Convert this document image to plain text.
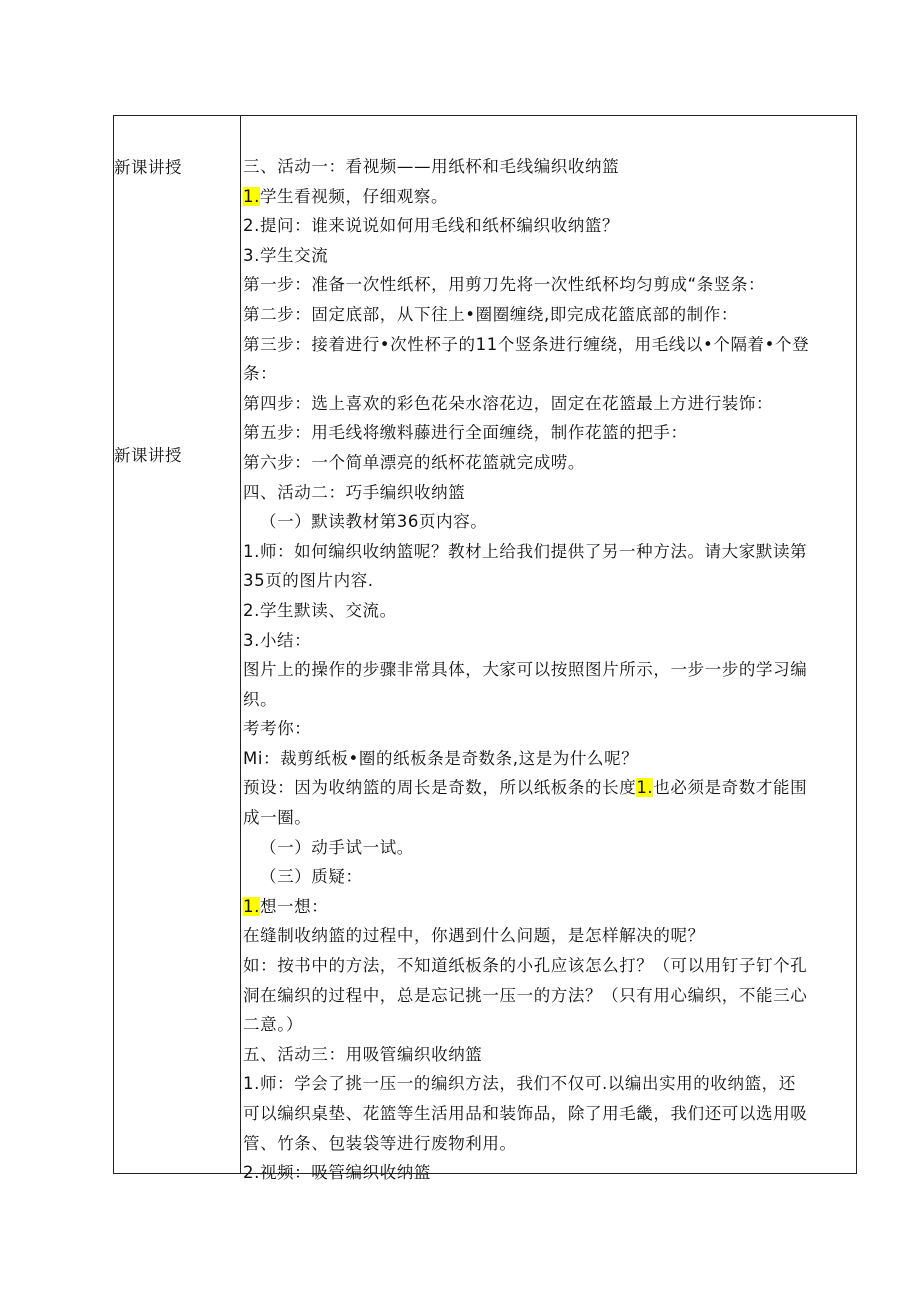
新课讲授
新课讲授
三、活动一：看视频——用纸杯和毛线编织收纳篮
1.学生看视频，仔细观察。
2.提问：谁来说说如何用毛线和纸杯编织收纳篮？
3.学生交流
第一步：准备一次性纸杯，用剪刀先将一次性纸杯均匀剪成“条竖条：
第二步：固定底部，从下往上•圈圈缠绕,即完成花篮底部的制作：
第三步：接着进行•次性杯子的11个竖条进行缠绕，用毛线以•个隔着•个登
条：
第四步：选上喜欢的彩色花朵水溶花边，固定在花篮最上方进行装饰：
第五步：用毛线将缴料藤进行全面缠绕，制作花篮的把手：
第六步：一个简单漂亮的纸杯花篮就完成唠。
四、活动二：巧手编织收纳篮
（一）默读教材第36页内容。
1.师：如何编织收纳篮呢？教材上给我们提供了另一种方法。请大家默读第
35页的图片内容.
2.学生默读、交流。
3.小结：
图片上的操作的步骤非常具体，大家可以按照图片所示，一步一步的学习编
织。
考考你：
Mi：裁剪纸板•圈的纸板条是奇数条,这是为什么呢？
预设：因为收纳篮的周长是奇数，所以纸板条的长度1.也必须是奇数才能围
成一圈。
（一）动手试一试。
（三）质疑：
1.想一想：
在缝制收纳篮的过程中，你遇到什么问题，是怎样解决的呢？
如：按书中的方法，不知道纸板条的小孔应该怎么打？（可以用钉子钉个孔
洞在编织的过程中，总是忘记挑一压一的方法？（只有用心编织，不能三心
二意。）
五、活动三：用吸管编织收纳篮
1.师：学会了挑一压一的编织方法，我们不仅可.以编出实用的收纳篮，还
可以编织桌垫、花篮等生活用品和装饰品，除了用毛畿，我们还可以选用吸
管、竹条、包装袋等进行废物利用。
2.视频：吸管编织收纳篮
